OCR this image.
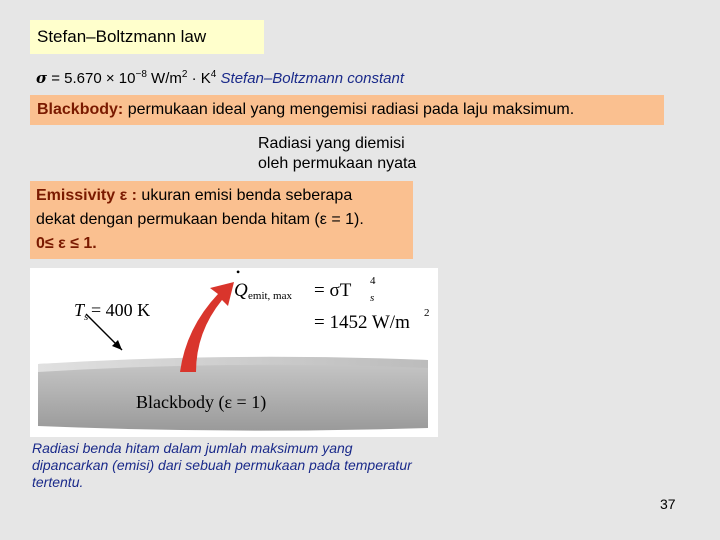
Stefan–Boltzmann law
$\sigma = 5.670 \times 10^{-8}$ $W/m^2 \cdot K^4$ Stefan–Boltzmann constant
Blackbody: permukaan ideal yang mengemisi radiasi pada laju maksimum.
Radiasi yang diemisi
oleh permukaan nyata
Emissivity ε : ukuran emisi benda seberapa
dekat dengan permukaan benda hitam (ε = 1).
0≤ ε ≤ 1.
T s = 400 K
Q
•
emit, max = σT s
4
= 1452 W/m 2
Blackbody (ε = 1)
Radiasi benda hitam dalam jumlah maksimum yang dipancarkan (emisi) dari sebuah permukaan pada temperatur tertentu.
37
